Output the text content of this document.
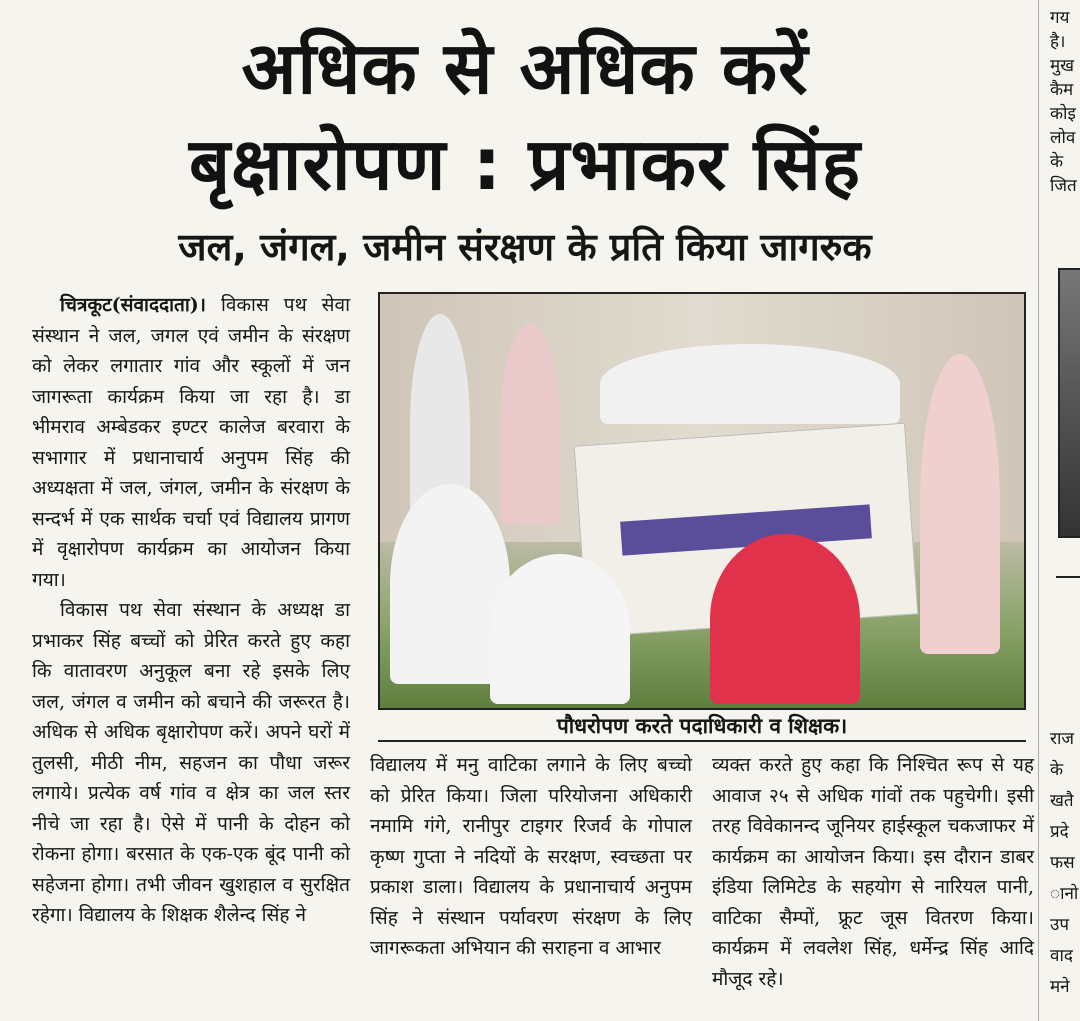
अधिक से अधिक करें
बृक्षारोपण : प्रभाकर सिंह
जल, जंगल, जमीन संरक्षण के प्रति किया जागरुक

चित्रकूट(संवाददाता)। विकास पथ सेवा संस्थान ने जल, जगल एवं जमीन के संरक्षण को लेकर लगातार गांव और स्कूलों में जन जागरूता कार्यक्रम किया जा रहा है। डा भीमराव अम्बेडकर इण्टर कालेज बरवारा के सभागार में प्रधानाचार्य अनुपम सिंह की अध्यक्षता में जल, जंगल, जमीन के संरक्षण के सन्दर्भ में एक सार्थक चर्चा एवं विद्यालय प्रागण में वृक्षारोपण कार्यक्रम का आयोजन किया गया।

विकास पथ सेवा संस्थान के अध्यक्ष डा प्रभाकर सिंह बच्चों को प्रेरित करते हुए कहा कि वातावरण अनुकूल बना रहे इसके लिए जल, जंगल व जमीन को बचाने की जरूरत है। अधिक से अधिक बृक्षारोपण करें। अपने घरों में तुलसी, मीठी नीम, सहजन का पौधा जरूर लगाये। प्रत्येक वर्ष गांव व क्षेत्र का जल स्तर नीचे जा रहा है। ऐसे में पानी के दोहन को रोकना होगा। बरसात के एक-एक बूंद पानी को सहेजना होगा। तभी जीवन खुशहाल व सुरक्षित रहेगा। विद्यालय के शिक्षक शैलेन्द सिंह ने

पौधरोपण करते पदाधिकारी व शिक्षक।

विद्यालय में मनु वाटिका लगाने के लिए बच्चो को प्रेरित किया। जिला परियोजना अधिकारी नमामि गंगे, रानीपुर टाइगर रिजर्व के गोपाल कृष्ण गुप्ता ने नदियों के सरक्षण, स्वच्छता पर प्रकाश डाला। विद्यालय के प्रधानाचार्य अनुपम सिंह ने संस्थान पर्यावरण संरक्षण के लिए जागरूकता अभियान की सराहना व आभार

व्यक्त करते हुए कहा कि निश्चित रूप से यह आवाज २५ से अधिक गांवों तक पहुचेगी। इसी तरह विवेकानन्द जूनियर हाईस्कूल चकजाफर में कार्यक्रम का आयोजन किया। इस दौरान डाबर इंडिया लिमिटेड के सहयोग से नारियल पानी, वाटिका सैम्पों, फ्रूट जूस वितरण किया। कार्यक्रम में लवलेश सिंह, धर्मेन्द्र सिंह आदि मौजूद रहे।

गय
है।
मुख
कैम
कोइ
लोव
के
जित
राज
के
खतै
प्रदे
फस
ानो
उप
वाद
मने
